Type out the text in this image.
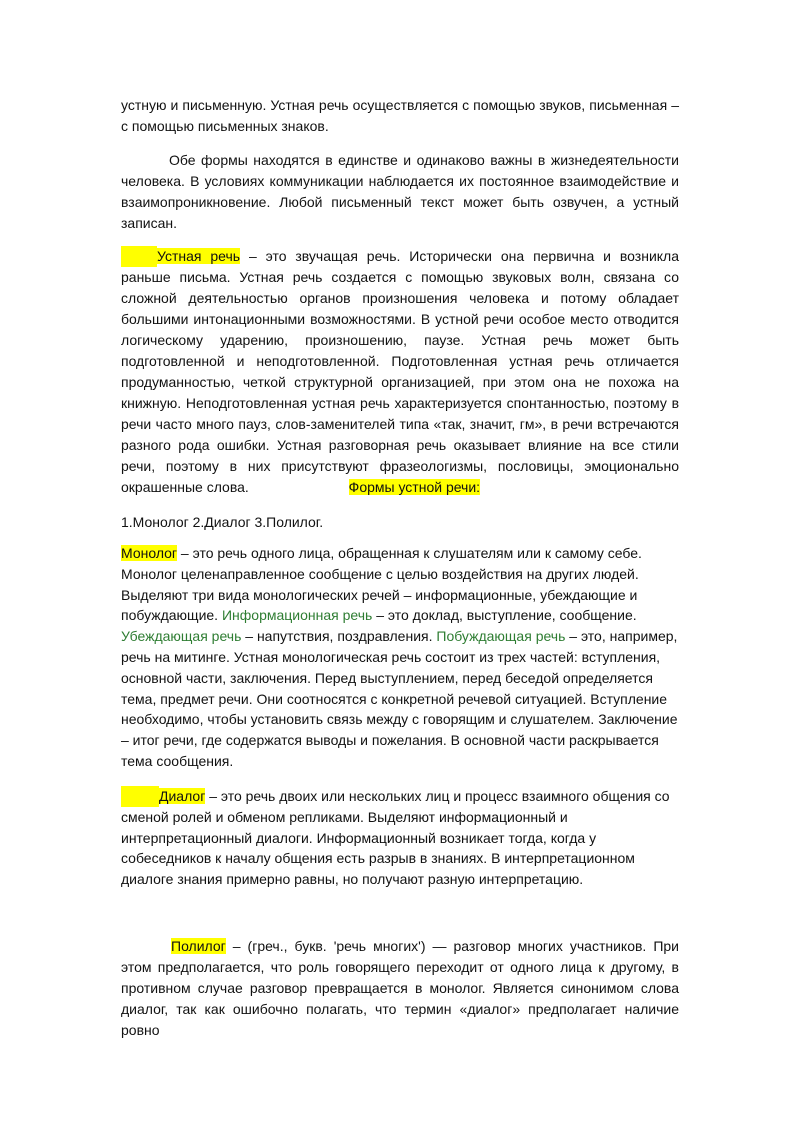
устную и письменную. Устная речь осуществляется с помощью звуков, письменная – с помощью письменных знаков.

Обе формы находятся в единстве и одинаково важны в жизнедеятельности человека. В условиях коммуникации наблюдается их постоянное взаимодействие и взаимопроникновение. Любой письменный текст может быть озвучен, а устный записан.

Устная речь – это звучащая речь. Исторически она первична и возникла раньше письма. Устная речь создается с помощью звуковых волн, связана со сложной деятельностью органов произношения человека и потому обладает большими интонационными возможностями. В устной речи особое место отводится логическому ударению, произношению, паузе. Устная речь может быть подготовленной и неподготовленной. Подготовленная устная речь отличается продуманностью, четкой структурной организацией, при этом она не похожа на книжную. Неподготовленная устная речь характеризуется спонтанностью, поэтому в речи часто много пауз, слов-заменителей типа «так, значит, гм», в речи встречаются разного рода ошибки. Устная разговорная речь оказывает влияние на все стили речи, поэтому в них присутствуют фразеологизмы, пословицы, эмоционально окрашенные слова.	Формы устной речи:

1.Монолог 2.Диалог 3.Полилог.

Монолог – это речь одного лица, обращенная к слушателям или к самому себе. Монолог целенаправленное сообщение с целью воздействия на других людей. Выделяют три вида монологических речей – информационные, убеждающие и побуждающие. Информационная речь – это доклад, выступление, сообщение. Убеждающая речь – напутствия, поздравления. Побуждающая речь – это, например, речь на митинге. Устная монологическая речь состоит из трех частей: вступления, основной части, заключения. Перед выступлением, перед беседой определяется тема, предмет речи. Они соотносятся с конкретной речевой ситуацией. Вступление необходимо, чтобы установить связь между с говорящим и слушателем. Заключение – итог речи, где содержатся выводы и пожелания. В основной части раскрывается тема сообщения.

Диалог – это речь двоих или нескольких лиц и процесс взаимного общения со сменой ролей и обменом репликами. Выделяют информационный и интерпретационный диалоги. Информационный возникает тогда, когда у собеседников к началу общения есть разрыв в знаниях. В интерпретационном диалоге знания примерно равны, но получают разную интерпретацию.

Полилог – (греч., букв. 'речь многих') — разговор многих участников. При этом предполагается, что роль говорящего переходит от одного лица к другому, в противном случае разговор превращается в монолог. Является синонимом слова диалог, так как ошибочно полагать, что термин «диалог» предполагает наличие ровно
